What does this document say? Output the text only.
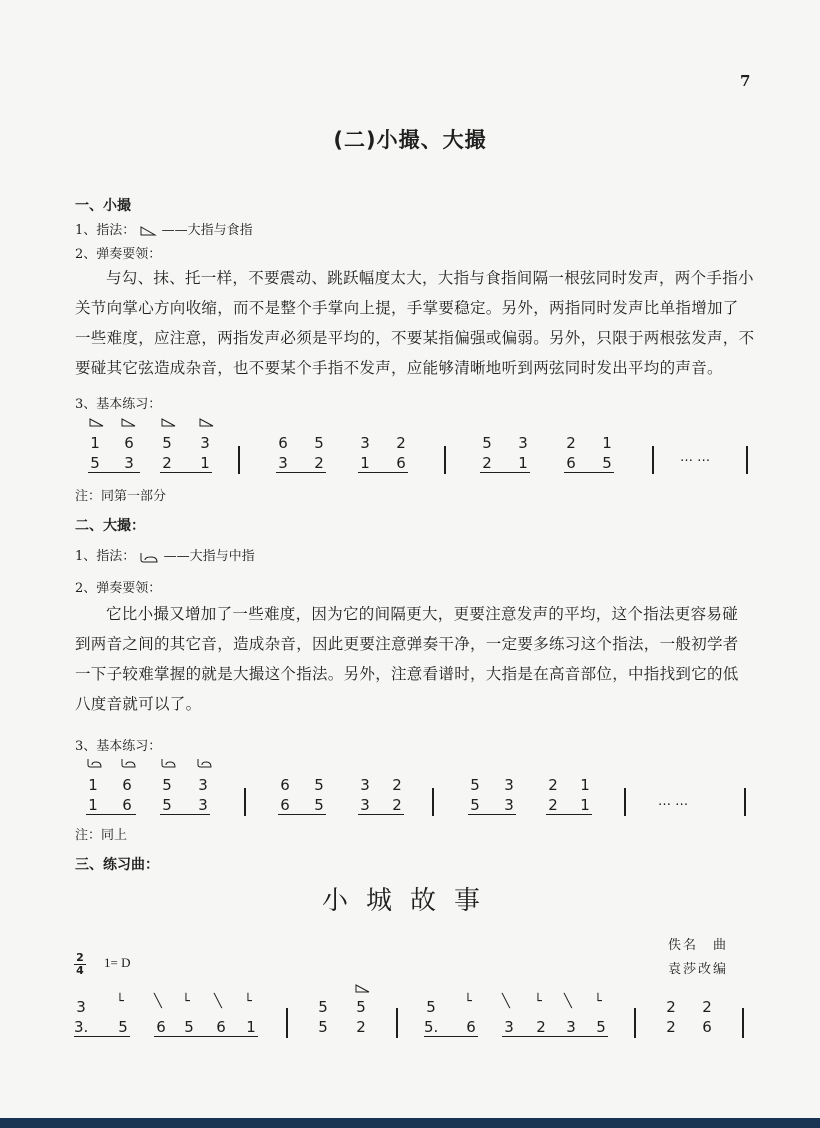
7
(二)小撮、大撮
一、小撮
1、指法： ——大指与食指
2、弹奏要领：

与勾、抹、托一样，不要震动、跳跃幅度太大，大指与食指间隔一根弦同时发声，两个手指小

关节向掌心方向收缩，而不是整个手掌向上提，手掌要稳定。另外，两指同时发声比单指增加了

一些难度，应注意，两指发声必须是平均的，不要某指偏强或偏弱。另外，只限于两根弦发声，不

要碰其它弦造成杂音，也不要某个手指不发声，应能够清晰地听到两弦同时发出平均的声音。

3、基本练习：
1
5
6
3
5
2
3
1
6
3
5
2
3
1
2
6
5
2
3
1
2
6
1
5	… …
注：同第一部分
二、大撮：
1、指法： ——大指与中指
2、弹奏要领：

它比小撮又增加了一些难度，因为它的间隔更大，更要注意发声的平均，这个指法更容易碰

到两音之间的其它音，造成杂音，因此更要注意弹奏干净，一定要多练习这个指法，一般初学者

一下子较难掌握的就是大撮这个指法。另外，注意看谱时，大指是在高音部位，中指找到它的低

八度音就可以了。

3、基本练习：
1
1
6
6
5
5
3
3
6
6
5
5
3
3
2
2
5
5
3
3
2
2
1
1	… …
注：同上
三、练习曲：
小城故事
佚名　曲
袁莎改编
2
4
1= D
3 └ ╲ └ ╲ └
3. 5 6 5 6 1
5 5
5 2
5 └ ╲ └ ╲ └
5. 6 3 2 3 5
2 2
2 6
